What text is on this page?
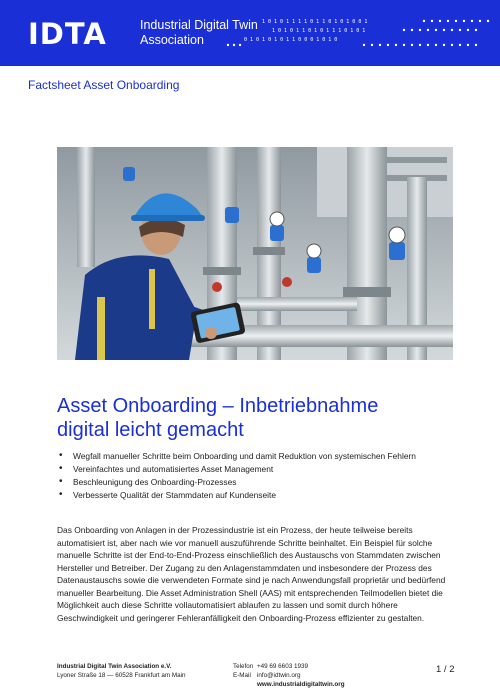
IDTA	Industrial Digital Twin
Association
1 0 1 0 1 1 1 1 0 1 1 0 1 0 1 0 0 1
1 0 1 0 1 1 0 1 0 1 1 1 0 1 0 1
0 1 0 1 0 1 0 1 1 0 0 0 1 0 1 0
Factsheet Asset Onboarding
Asset Onboarding – Inbetriebnahme
digital leicht gemacht
• Wegfall manueller Schritte beim Onboarding und damit Reduktion von systemischen Fehlern
• Vereinfachtes und automatisiertes Asset Management
• Beschleunigung des Onboarding-Prozesses
• Verbesserte Qualität der Stammdaten auf Kundenseite

Das Onboarding von Anlagen in der Prozessindustrie ist ein Prozess, der heute teilweise bereits automatisiert ist, aber nach wie vor manuell auszuführende Schritte beinhaltet. Ein Beispiel für solche manuelle Schritte ist der End-to-End-Prozess einschließlich des Austauschs von Stammdaten zwischen Hersteller und Betreiber. Der Zugang zu den Anlagenstammdaten und insbesondere der Prozess des Datenaustauschs sowie die verwendeten Formate sind je nach Anwendungsfall proprietär und bedürfend manueller Bearbeitung. Die Asset Administration Shell (AAS) mit entsprechenden Teilmodellen bietet die Möglichkeit auch diese Schritte vollautomatisiert ablaufen zu lassen und somit durch höhere Geschwindigkeit und geringerer Fehleranfälligkeit den Onboarding-Prozess effizienter zu gestalten.

Industrial Digital Twin Association e.V.
Lyoner Straße 18 — 60528 Frankfurt am Main
Telefon +49 69 6603 1939
E-Mail info@idtwin.org
www.industrialdigitaltwin.org
1 / 2
